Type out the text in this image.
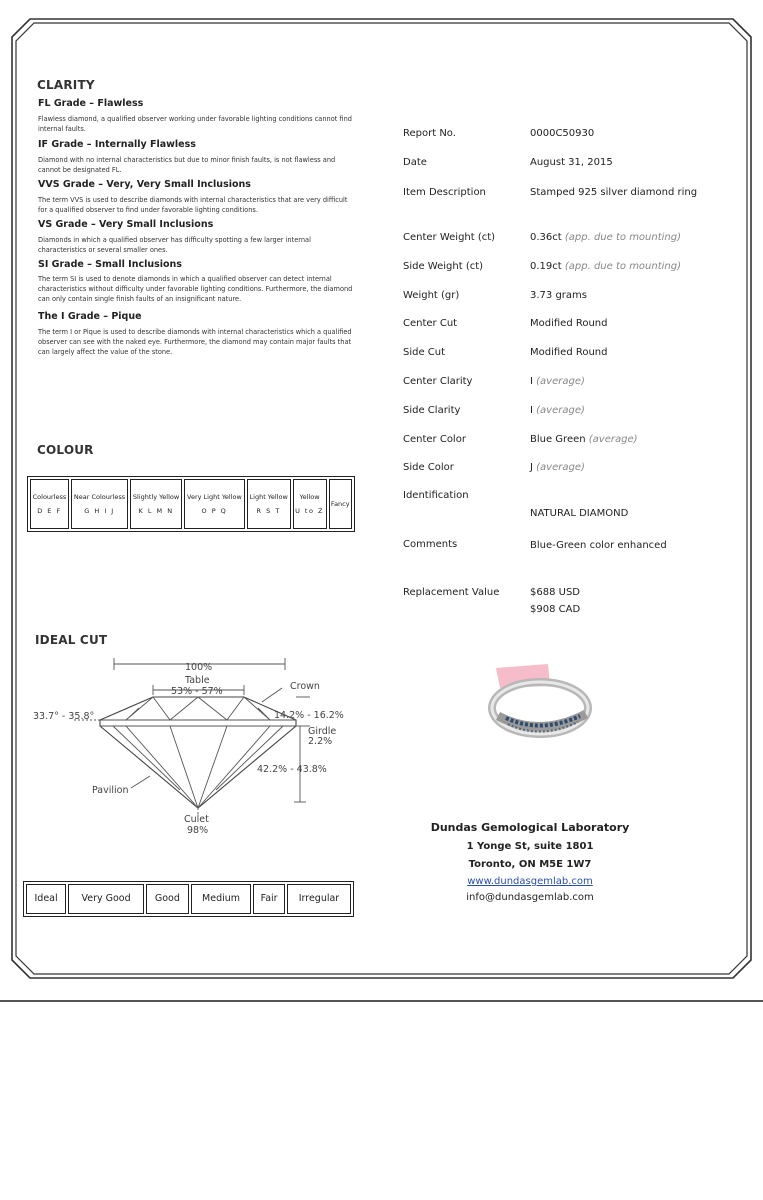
CLARITY
FL Grade – Flawless
Flawless diamond, a qualified observer working under favorable lighting conditions cannot find internal faults.
IF Grade – Internally Flawless
Diamond with no internal characteristics but due to minor finish faults, is not flawless and cannot be designated FL.
VVS Grade – Very, Very Small Inclusions
The term VVS is used to describe diamonds with internal characteristics that are very difficult for a qualified observer to find under favorable lighting conditions.
VS Grade – Very Small Inclusions
Diamonds in which a qualified observer has difficulty spotting a few larger internal characteristics or several smaller ones.
SI Grade – Small Inclusions
The term SI is used to denote diamonds in which a qualified observer can detect internal characteristics without difficulty under favorable lighting conditions. Furthermore, the diamond can only contain single finish faults of an insignificant nature.
The I Grade – Pique
The term I or Pique is used to describe diamonds with internal characteristics which a qualified observer can see with the naked eye. Furthermore, the diamond may contain major faults that can largely affect the value of the stone.
COLOUR
Colourless
D E F
	Near Colourless
G H I J
	Slightly Yellow
K L M N
	Very Light Yellow
O P Q
	Light Yellow
R S T
	Yellow
U to Z
	Fancy
IDEAL CUT
100%
Table
53% - 57%	Crown
33.7° - 35.8°	14.2% - 16.2%
Girdle
2.2%
42.2% - 43.8%
Pavilion
Culet
98%
Ideal	Very Good	Good	Medium	Fair	Irregular
Report No.	0000C50930
Date	August 31, 2015
Item Description	Stamped 925 silver diamond ring
Center Weight (ct)	0.36ct (app. due to mounting)
Side Weight (ct)	0.19ct (app. due to mounting)
Weight (gr)	3.73 grams
Center Cut	Modified Round
Side Cut	Modified Round
Center Clarity	I (average)
Side Clarity	I (average)
Center Color	Blue Green (average)
Side Color	J (average)
Identification
NATURAL DIAMOND
Comments	Blue-Green color enhanced
Replacement Value	$688 USD
$908 CAD
Dundas Gemological Laboratory
1 Yonge St, suite 1801
Toronto, ON M5E 1W7
www.dundasgemlab.com
info@dundasgemlab.com
